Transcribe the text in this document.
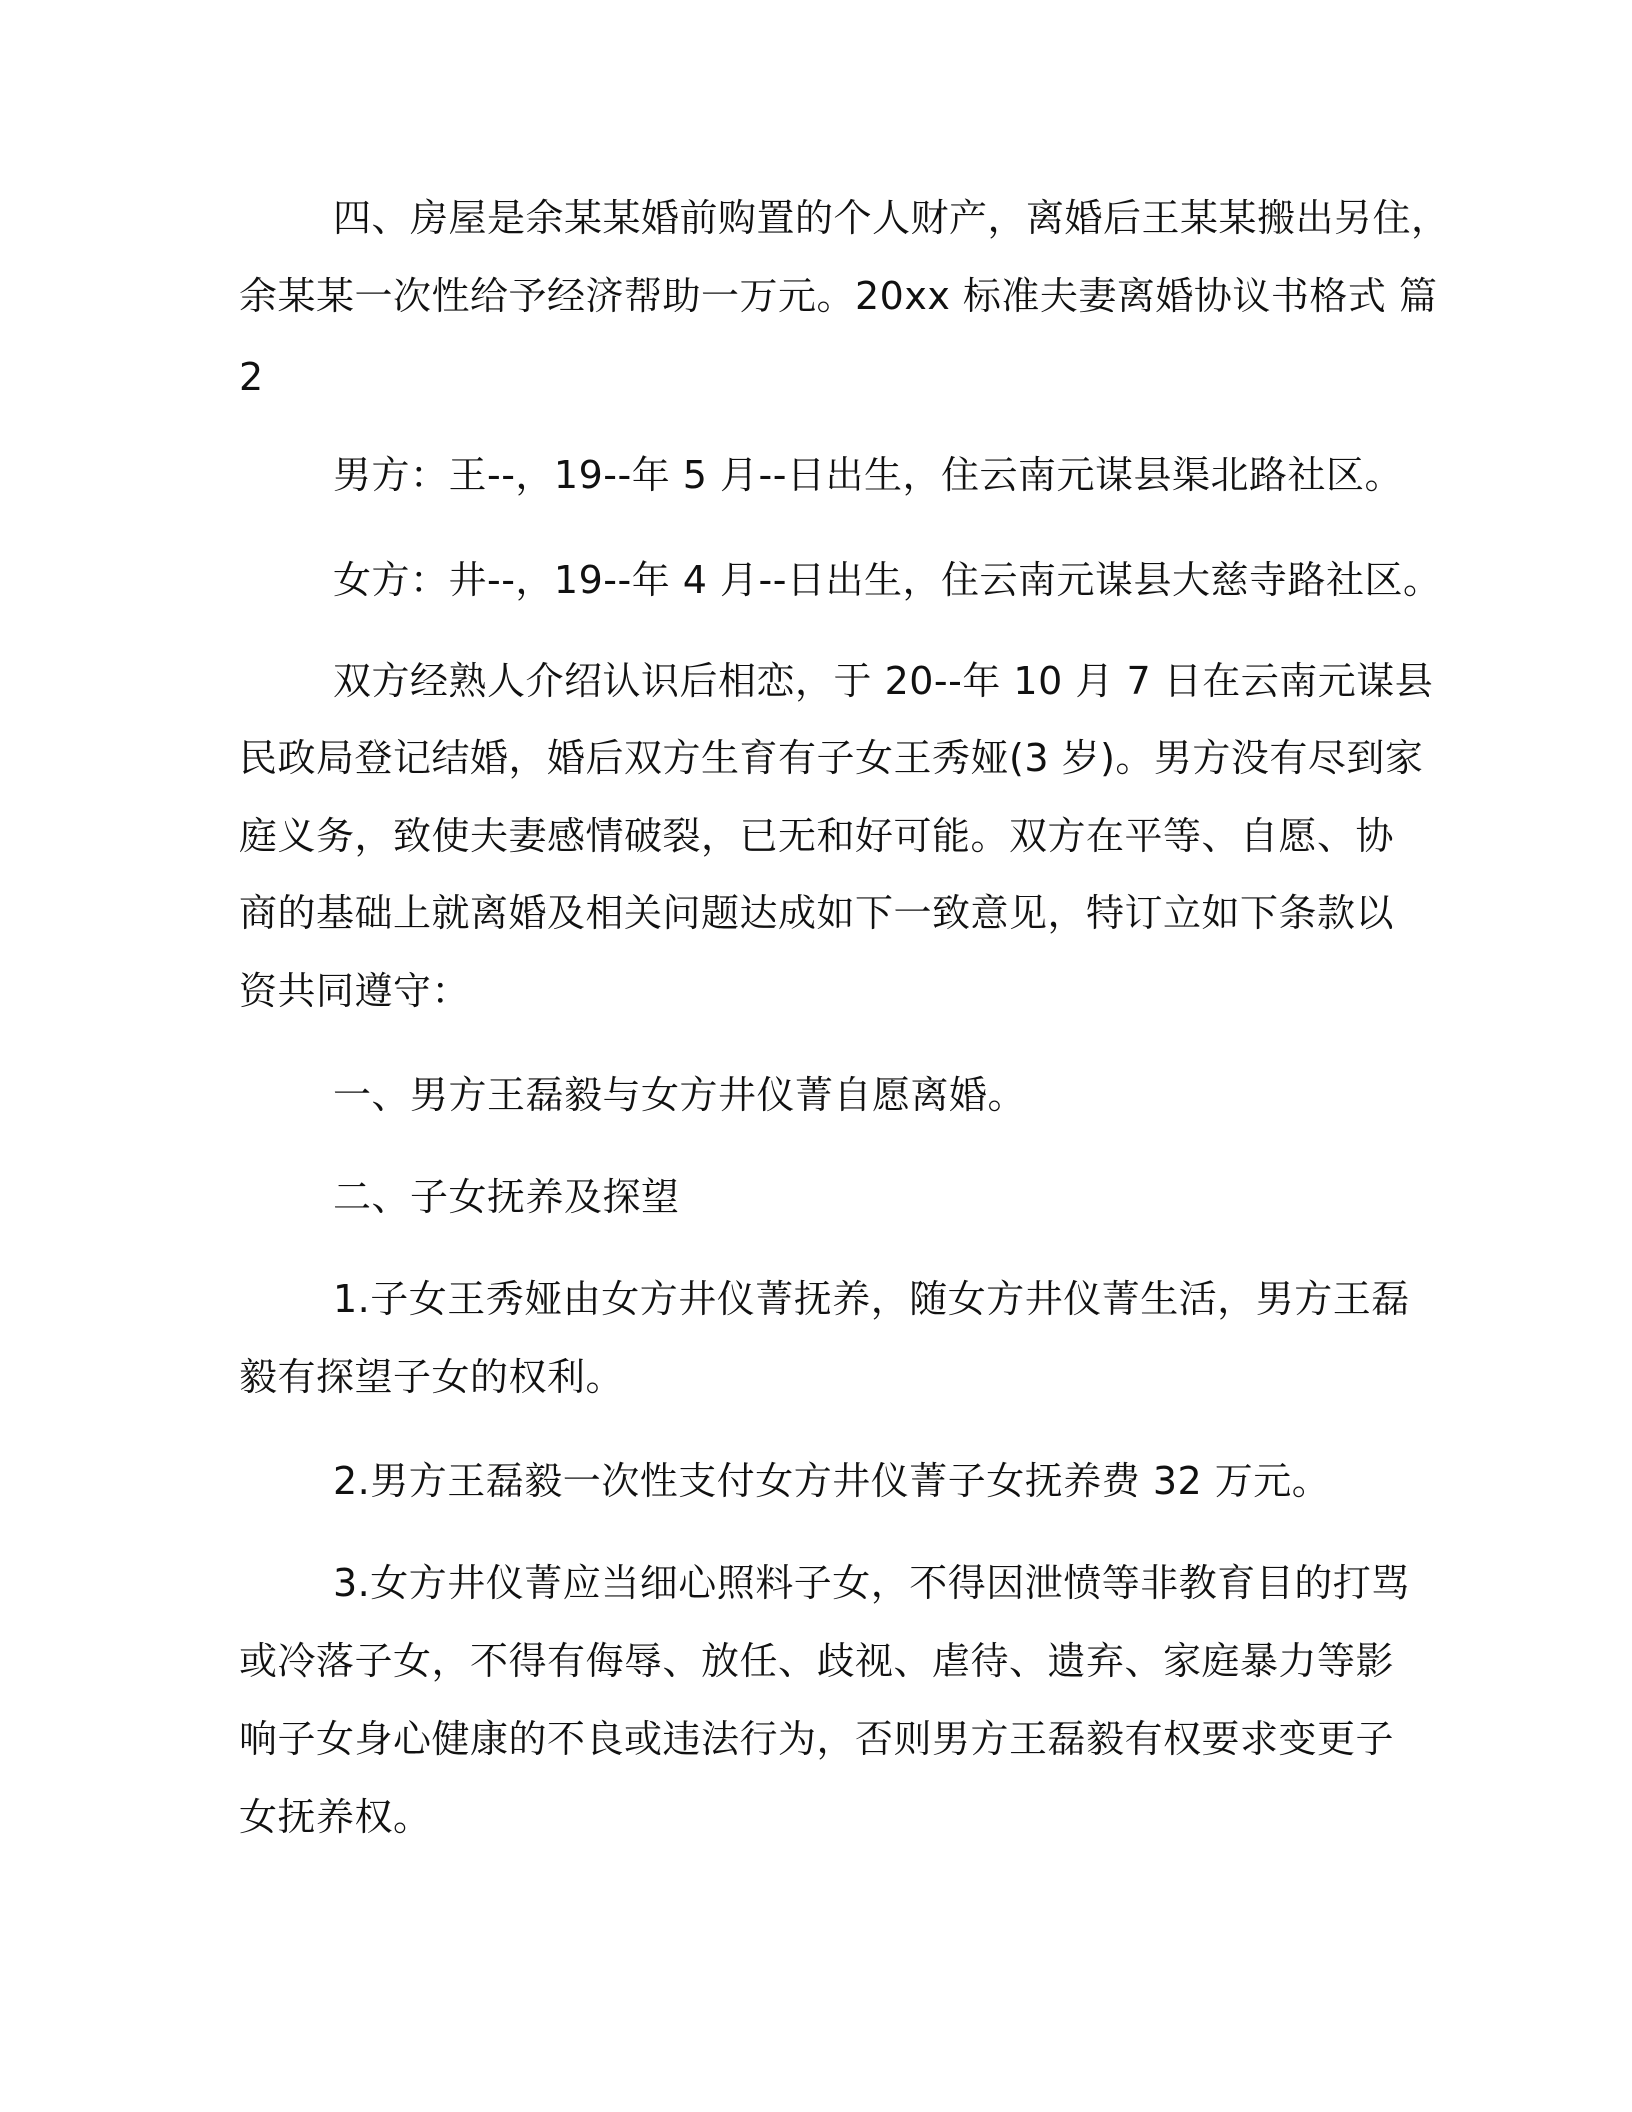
四、房屋是余某某婚前购置的个人财产，离婚后王某某搬出另住，
余某某一次性给予经济帮助一万元。20xx 标准夫妻离婚协议书格式 篇
2
男方：王--，19--年 5 月--日出生，住云南元谋县渠北路社区。
女方：井--，19--年 4 月--日出生，住云南元谋县大慈寺路社区。
双方经熟人介绍认识后相恋，于 20--年 10 月 7 日在云南元谋县
民政局登记结婚，婚后双方生育有子女王秀娅(3 岁)。男方没有尽到家
庭义务，致使夫妻感情破裂，已无和好可能。双方在平等、自愿、协
商的基础上就离婚及相关问题达成如下一致意见，特订立如下条款以
资共同遵守：
一、男方王磊毅与女方井仪菁自愿离婚。
二、子女抚养及探望
1.子女王秀娅由女方井仪菁抚养，随女方井仪菁生活，男方王磊
毅有探望子女的权利。
2.男方王磊毅一次性支付女方井仪菁子女抚养费 32 万元。
3.女方井仪菁应当细心照料子女，不得因泄愤等非教育目的打骂
或冷落子女，不得有侮辱、放任、歧视、虐待、遗弃、家庭暴力等影
响子女身心健康的不良或违法行为，否则男方王磊毅有权要求变更子
女抚养权。
